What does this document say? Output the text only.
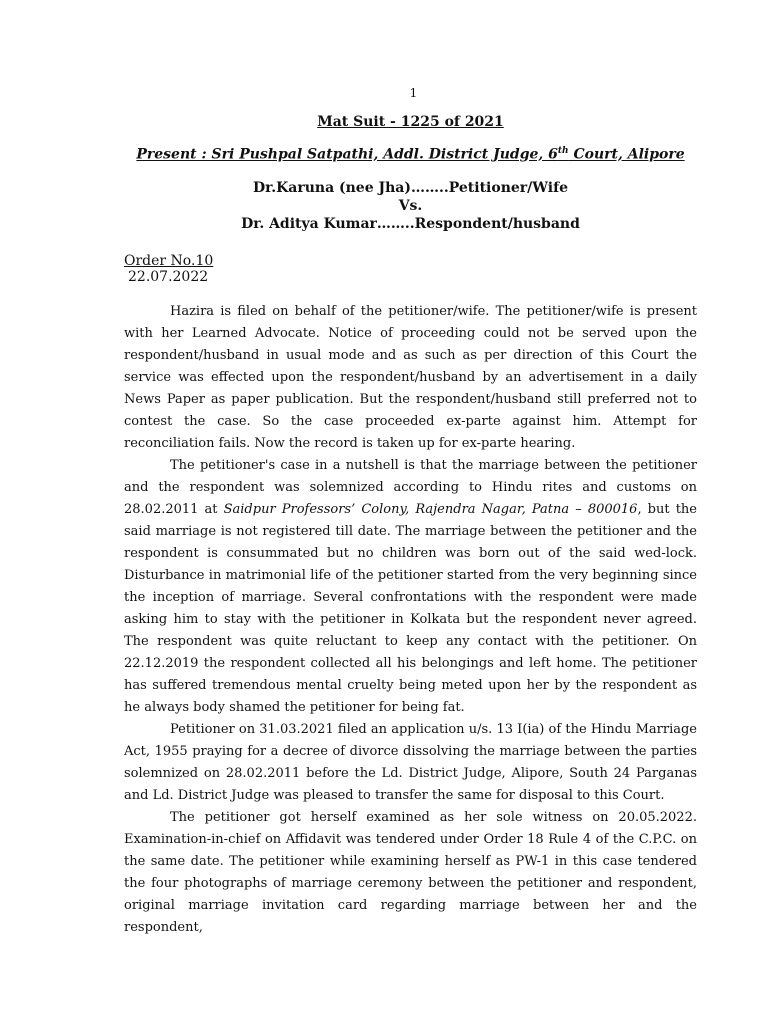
1
Mat Suit - 1225 of 2021
Present : Sri Pushpal Satpathi, Addl. District Judge, 6th Court, Alipore
Dr.Karuna (nee Jha)……..Petitioner/Wife
Vs.
Dr. Aditya Kumar……..Respondent/husband
Order No.10
22.07.2022

Hazira is filed on behalf of the petitioner/wife. The petitioner/wife is present with her Learned Advocate. Notice of proceeding could not be served upon the respondent/husband in usual mode and as such as per direction of this Court the service was effected upon the respondent/husband by an advertisement in a daily News Paper as paper publication. But the respondent/husband still preferred not to contest the case. So the case proceeded ex-parte against him. Attempt for reconciliation fails. Now the record is taken up for ex-parte hearing.

The petitioner's case in a nutshell is that the marriage between the petitioner and the respondent was solemnized according to Hindu rites and customs on 28.02.2011 at Saidpur Professors’ Colony, Rajendra Nagar, Patna – 800016, but the said marriage is not registered till date. The marriage between the petitioner and the respondent is consummated but no children was born out of the said wed-lock. Disturbance in matrimonial life of the petitioner started from the very beginning since the inception of marriage. Several confrontations with the respondent were made asking him to stay with the petitioner in Kolkata but the respondent never agreed. The respondent was quite reluctant to keep any contact with the petitioner. On 22.12.2019 the respondent collected all his belongings and left home. The petitioner has suffered tremendous mental cruelty being meted upon her by the respondent as he always body shamed the petitioner for being fat.

Petitioner on 31.03.2021 filed an application u/s. 13 I(ia) of the Hindu Marriage Act, 1955 praying for a decree of divorce dissolving the marriage between the parties solemnized on 28.02.2011 before the Ld. District Judge, Alipore, South 24 Parganas and Ld. District Judge was pleased to transfer the same for disposal to this Court.

The petitioner got herself examined as her sole witness on 20.05.2022. Examination-in-chief on Affidavit was tendered under Order 18 Rule 4 of the C.P.C. on the same date. The petitioner while examining herself as PW-1 in this case tendered the four photographs of marriage ceremony between the petitioner and respondent, original marriage invitation card regarding marriage between her and the respondent,
